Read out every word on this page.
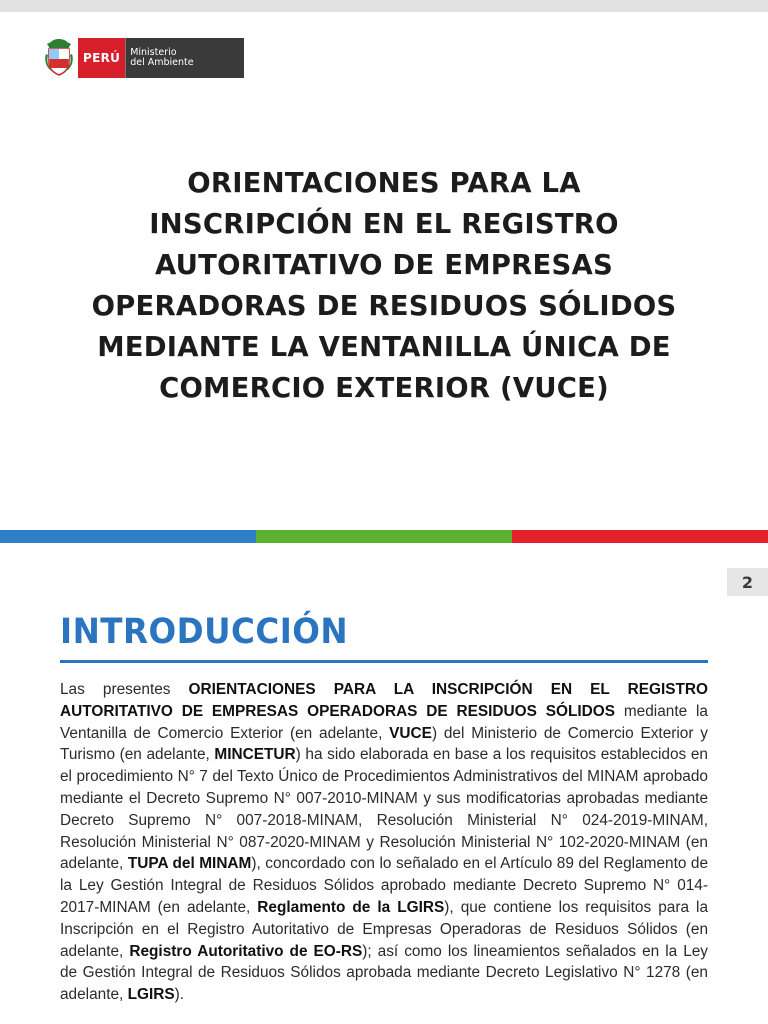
PERÚ	Ministerio
del Ambiente
ORIENTACIONES PARA LA
INSCRIPCIÓN EN EL REGISTRO
AUTORITATIVO DE EMPRESAS
OPERADORAS DE RESIDUOS SÓLIDOS
MEDIANTE LA VENTANILLA ÚNICA DE
COMERCIO EXTERIOR (VUCE)
2
INTRODUCCIÓN

Las presentes ORIENTACIONES PARA LA INSCRIPCIÓN EN EL REGISTRO AUTORITATIVO DE EMPRESAS OPERADORAS DE RESIDUOS SÓLIDOS mediante la Ventanilla de Comercio Exterior (en adelante, VUCE) del Ministerio de Comercio Exterior y Turismo (en adelante, MINCETUR) ha sido elaborada en base a los requisitos establecidos en el procedimiento N° 7 del Texto Único de Procedimientos Administrativos del MINAM aprobado mediante el Decreto Supremo N° 007-2010-MINAM y sus modificatorias aprobadas mediante Decreto Supremo N° 007-2018-MINAM, Resolución Ministerial N° 024-2019-MINAM, Resolución Ministerial N° 087-2020-MINAM y Resolución Ministerial N° 102-2020-MINAM (en adelante, TUPA del MINAM), concordado con lo señalado en el Artículo 89 del Reglamento de la Ley Gestión Integral de Residuos Sólidos aprobado mediante Decreto Supremo N° 014-2017-MINAM (en adelante, Reglamento de la LGIRS), que contiene los requisitos para la Inscripción en el Registro Autoritativo de Empresas Operadoras de Residuos Sólidos (en adelante, Registro Autoritativo de EO-RS); así como los lineamientos señalados en la Ley de Gestión Integral de Residuos Sólidos aprobada mediante Decreto Legislativo N° 1278 (en adelante, LGIRS).
